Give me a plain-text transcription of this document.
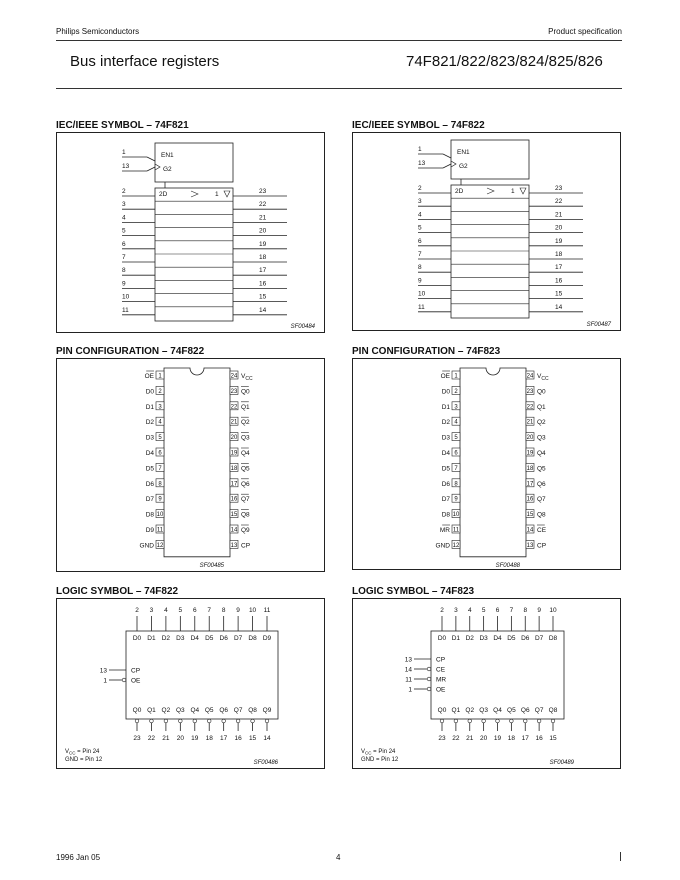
Philips Semiconductors	Product specification
Bus interface registers	74F821/822/823/824/825/826
IEC/IEEE SYMBOL – 74F821	IEC/IEEE SYMBOL – 74F822
PIN CONFIGURATION – 74F822	PIN CONFIGURATION – 74F823
LOGIC SYMBOL – 74F822	LOGIC SYMBOL – 74F823
EN1
G2
1
13
2D	1
2	23
3	22
4	21
5	20
6	19
7	18
8	17
9	16
10	15
11	14
SF00484
EN1
G2
1
13
2D	1
2	23
3	22
4	21
5	20
6	19
7	18
8	17
9	16
10	15
11	14
SF00487
1
OE	24 $V_{CC}$
2
D0	23 Q0
3
D1	22 Q1
4
D2	21 Q2
5
D3	20 Q3
6
D4	19 Q4
7
D5	18 Q5
8
D6	17 Q6
9
D7	16 Q7
10
D8	15 Q8
11
D9	14 Q9
12
GND	13 CP
SF00485
1
OE	24 $V_{CC}$
2
D0	23 Q0
3
D1	22 Q1
4
D2	21 Q2
5
D3	20 Q3
6
D4	19 Q4
7
D5	18 Q5
8
D6	17 Q6
9
D7	16 Q7
10
D8	15 Q8
11
MR	14 CE
12
GND	13 CP
SF00488
2
D0
Q0
23
3
D1
Q1
22
4
D2
Q2
21
5
D3
Q3
20
6
D4
Q4
19
7
D5
Q5
18
8
D6
Q6
17
9
D7
Q7
16
10
D8
Q8
15
11
D9
Q9
14
13	CP
1	OE
$V_{CC}$ = Pin 24
GND = Pin 12	SF00486
2
D0
Q0
23
3
D1
Q1
22
4
D2
Q2
21
5
D3
Q3
20
6
D4
Q4
19
7
D5
Q5
18
8
D6
Q6
17
9
D7
Q7
16
10
D8
Q8
15
13	CP
14	CE
11	MR
1	OE
$V_{CC}$ = Pin 24
GND = Pin 12	SF00489
1996 Jan 05	4
